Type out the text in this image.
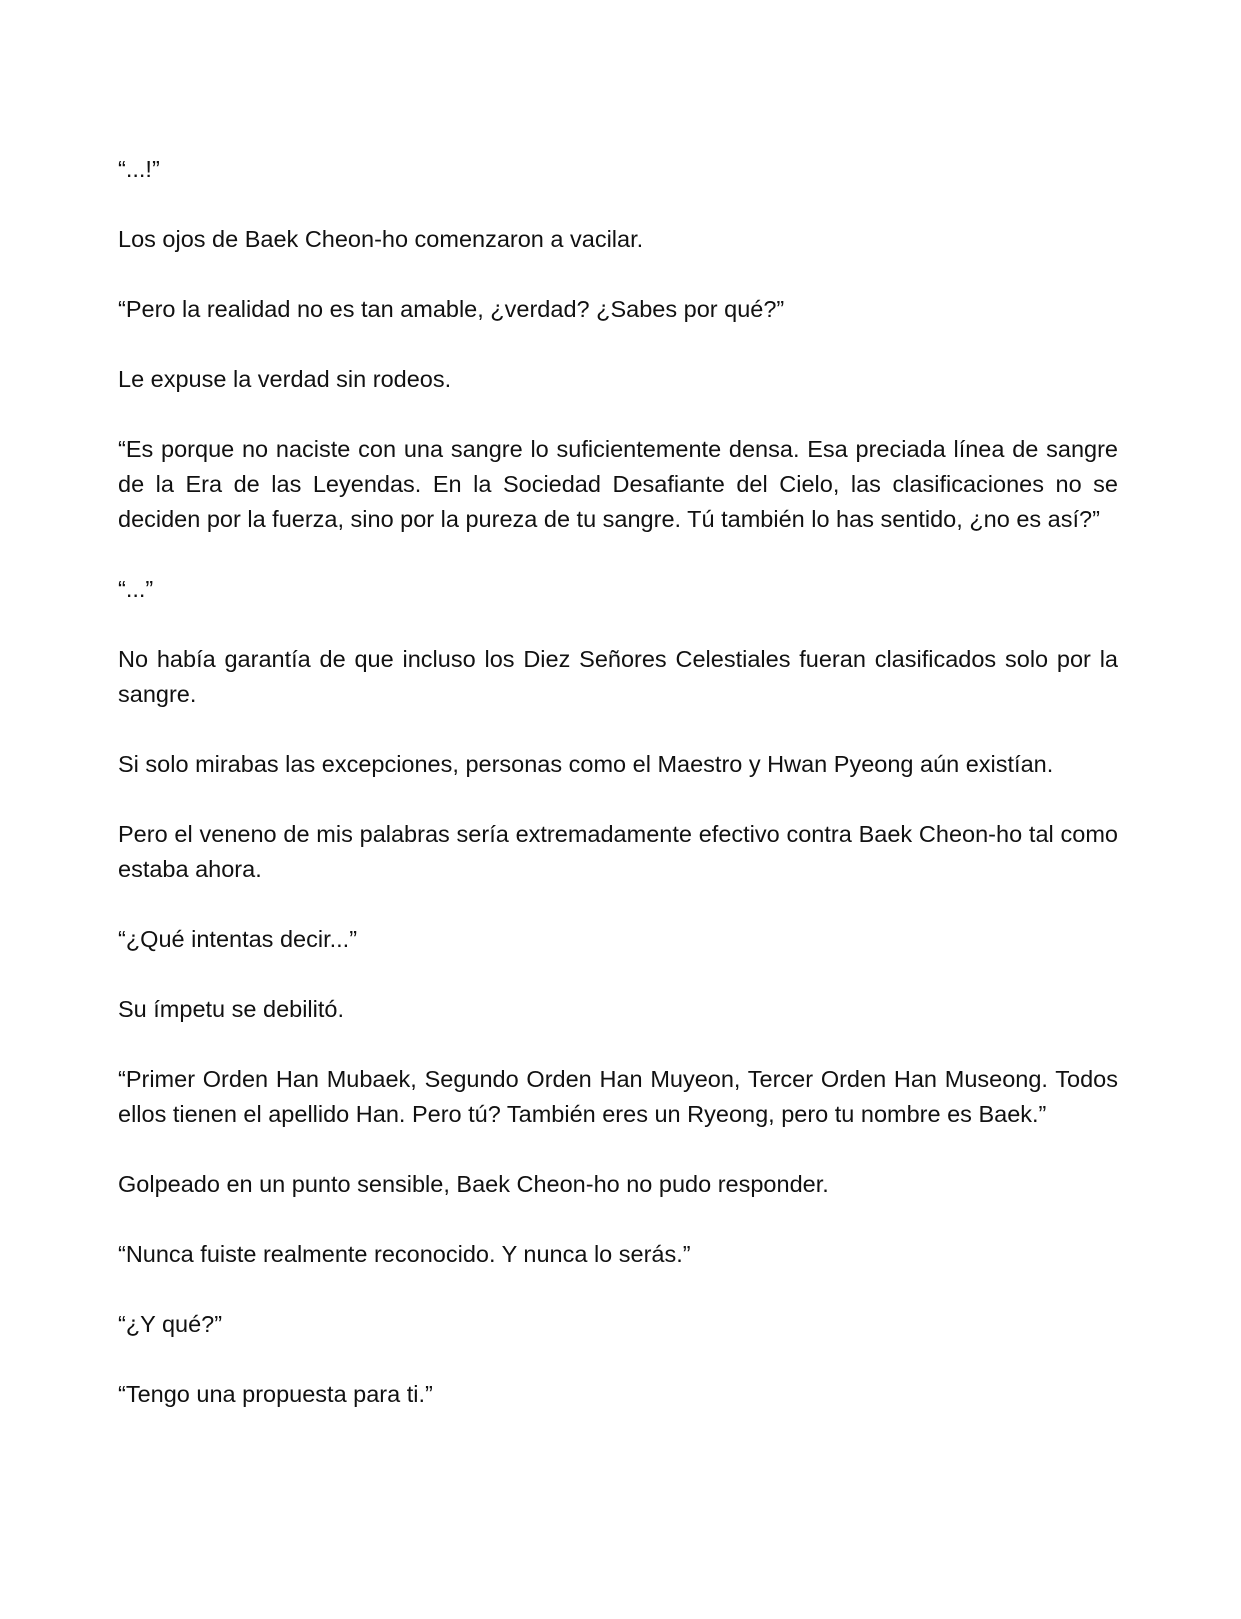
“...!”

Los ojos de Baek Cheon-ho comenzaron a vacilar.

“Pero la realidad no es tan amable, ¿verdad? ¿Sabes por qué?”

Le expuse la verdad sin rodeos.

“Es porque no naciste con una sangre lo suficientemente densa. Esa preciada línea de sangre de la Era de las Leyendas. En la Sociedad Desafiante del Cielo, las clasificaciones no se deciden por la fuerza, sino por la pureza de tu sangre. Tú también lo has sentido, ¿no es así?”

“...”

No había garantía de que incluso los Diez Señores Celestiales fueran clasificados solo por la sangre.

Si solo mirabas las excepciones, personas como el Maestro y Hwan Pyeong aún existían.

Pero el veneno de mis palabras sería extremadamente efectivo contra Baek Cheon-ho tal como estaba ahora.

“¿Qué intentas decir...”

Su ímpetu se debilitó.

“Primer Orden Han Mubaek, Segundo Orden Han Muyeon, Tercer Orden Han Museong. Todos ellos tienen el apellido Han. Pero tú? También eres un Ryeong, pero tu nombre es Baek.”

Golpeado en un punto sensible, Baek Cheon-ho no pudo responder.

“Nunca fuiste realmente reconocido. Y nunca lo serás.”

“¿Y qué?”

“Tengo una propuesta para ti.”
